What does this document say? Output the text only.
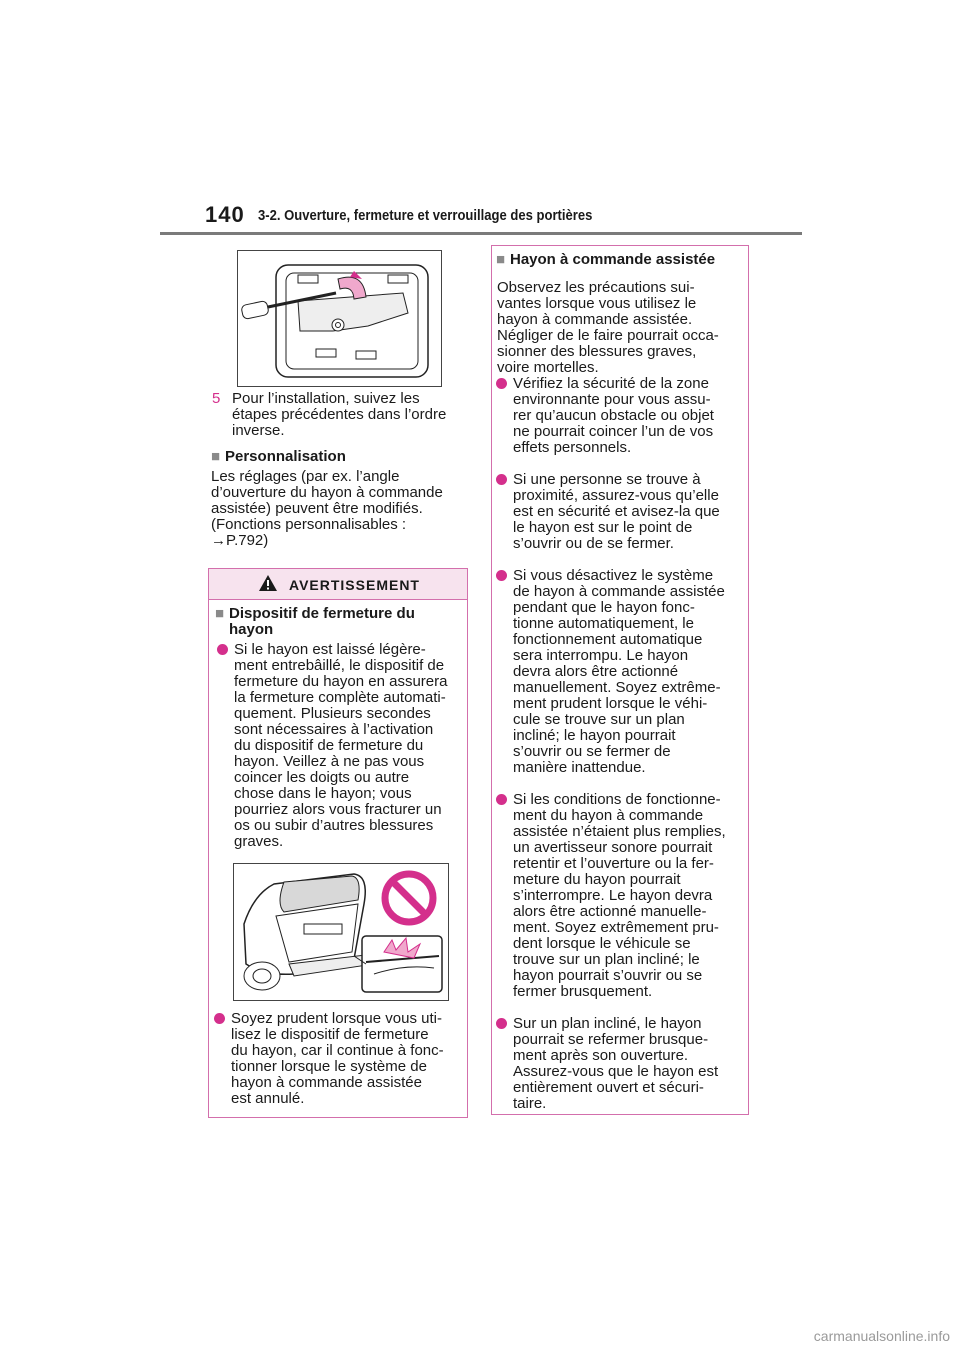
140 3-2. Ouverture, fermeture et verrouillage des portières
5 Pour l’installation, suivez les
étapes précédentes dans l’ordre
inverse.
■ Personnalisation
Les réglages (par ex. l’angle
d’ouverture du hayon à commande
assistée) peuvent être modifiés.
(Fonctions personnalisables :
→P.792)
AVERTISSEMENT
■ Dispositif de fermeture du
hayon
Si le hayon est laissé légère-
ment entrebâillé, le dispositif de
fermeture du hayon en assurera
la fermeture complète automati-
quement. Plusieurs secondes
sont nécessaires à l’activation
du dispositif de fermeture du
hayon. Veillez à ne pas vous
coincer les doigts ou autre
chose dans le hayon; vous
pourriez alors vous fracturer un
os ou subir d’autres blessures
graves.
Soyez prudent lorsque vous uti-
lisez le dispositif de fermeture
du hayon, car il continue à fonc-
tionner lorsque le système de
hayon à commande assistée
est annulé.
■ Hayon à commande assistée
Observez les précautions sui-
vantes lorsque vous utilisez le
hayon à commande assistée.
Négliger de le faire pourrait occa-
sionner des blessures graves,
voire mortelles.
Vérifiez la sécurité de la zone
environnante pour vous assu-
rer qu’aucun obstacle ou objet
ne pourrait coincer l’un de vos
effets personnels.
Si une personne se trouve à
proximité, assurez-vous qu’elle
est en sécurité et avisez-la que
le hayon est sur le point de
s’ouvrir ou de se fermer.
Si vous désactivez le système
de hayon à commande assistée
pendant que le hayon fonc-
tionne automatiquement, le
fonctionnement automatique
sera interrompu. Le hayon
devra alors être actionné
manuellement. Soyez extrême-
ment prudent lorsque le véhi-
cule se trouve sur un plan
incliné; le hayon pourrait
s’ouvrir ou se fermer de
manière inattendue.
Si les conditions de fonctionne-
ment du hayon à commande
assistée n’étaient plus remplies,
un avertisseur sonore pourrait
retentir et l’ouverture ou la fer-
meture du hayon pourrait
s’interrompre. Le hayon devra
alors être actionné manuelle-
ment. Soyez extrêmement pru-
dent lorsque le véhicule se
trouve sur un plan incliné; le
hayon pourrait s’ouvrir ou se
fermer brusquement.
Sur un plan incliné, le hayon
pourrait se refermer brusque-
ment après son ouverture.
Assurez-vous que le hayon est
entièrement ouvert et sécuri-
taire.
carmanualsonline.info
